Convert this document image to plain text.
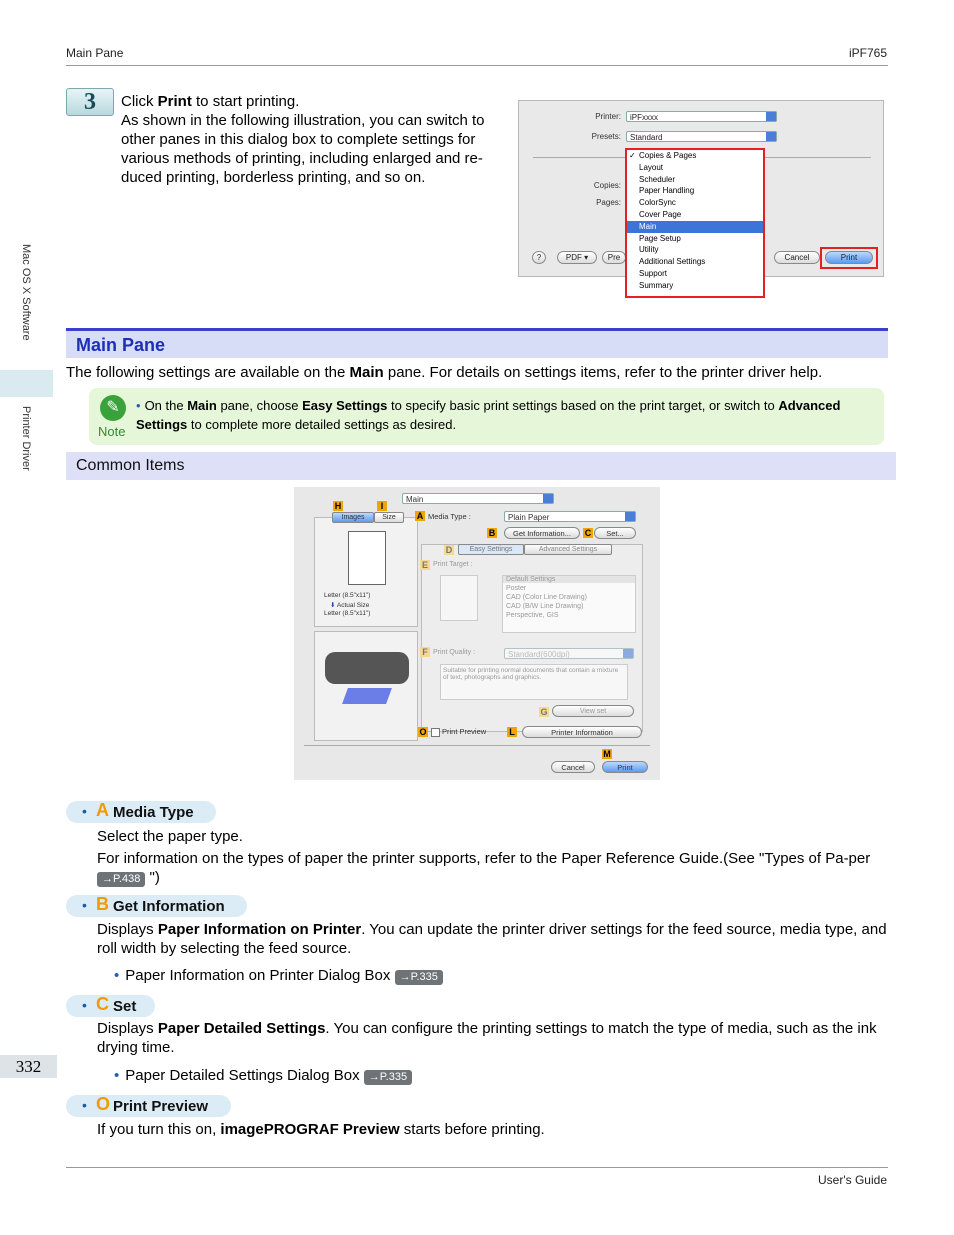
Main Pane	iPF765
Mac OS X Software
Printer Driver
332
3	Click Print to start printing.
As shown in the following illustration, you can switch to other panes in this dialog box to complete settings for various methods of printing, including enlarged and re-duced printing, borderless printing, and so on.
Printer:	iPFxxxx
Presets:	Standard
Copies:
Pages:
?	PDF ▾	Pre	Cancel	Print
✓ Copies & Pages
Layout
Scheduler
Paper Handling
ColorSync
Cover Page
Main
Page Setup
Utility
Additional Settings
Support
Summary
Main Pane
The following settings are available on the Main pane. For details on settings items, refer to the printer driver help.
✎
Note
• On the Main pane, choose Easy Settings to specify basic print settings based on the print target, or switch to Advanced Settings to complete more detailed settings as desired.
Common Items
Main
H	I
Images	Size
Letter (8.5"x11")
⬇ Actual Size
Letter (8.5"x11")
A Media Type :	Plain Paper
B	Get Information...	C	Set...
D	Easy Settings	Advanced Settings
E Print Target :
Default Settings
Poster
CAD (Color Line Drawing)
CAD (B/W Line Drawing)
Perspective, GIS
F Print Quality :	Standard(600dpi)
Suitable for printing normal documents that contain a mixture of text, photographs and graphics.
G	View set
O Print Preview	L	Printer Information
M
Cancel	Print
• A Media Type
Select the paper type.
For information on the types of paper the printer supports, refer to the Paper Reference Guide.(See "Types of Pa-per →P.438 ")
• B Get Information
Displays Paper Information on Printer. You can update the printer driver settings for the feed source, media type, and roll width by selecting the feed source.
• Paper Information on Printer Dialog Box →P.335
• C Set
Displays Paper Detailed Settings. You can configure the printing settings to match the type of media, such as the ink drying time.
• Paper Detailed Settings Dialog Box →P.335
• O Print Preview
If you turn this on, imagePROGRAF Preview starts before printing.
User's Guide
